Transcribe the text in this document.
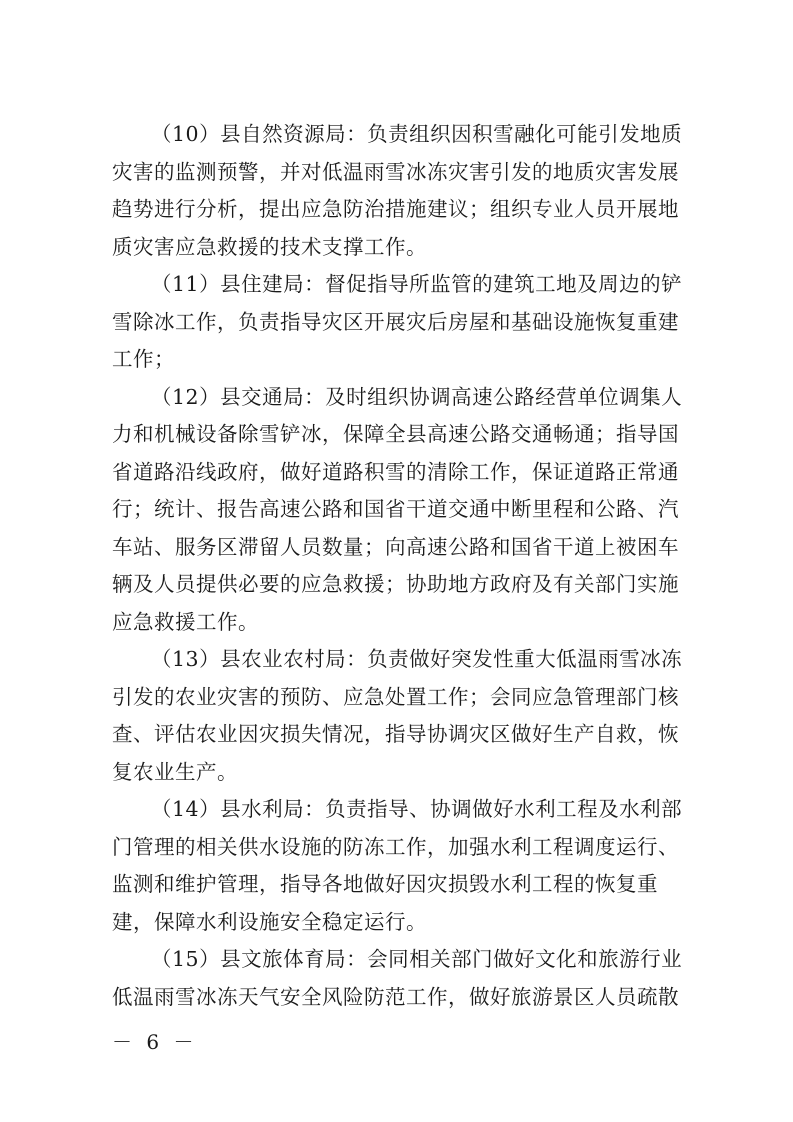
（10）县自然资源局：负责组织因积雪融化可能引发地质
灾害的监测预警，并对低温雨雪冰冻灾害引发的地质灾害发展
趋势进行分析，提出应急防治措施建议；组织专业人员开展地
质灾害应急救援的技术支撑工作。
（11）县住建局：督促指导所监管的建筑工地及周边的铲
雪除冰工作，负责指导灾区开展灾后房屋和基础设施恢复重建
工作；
（12）县交通局：及时组织协调高速公路经营单位调集人
力和机械设备除雪铲冰，保障全县高速公路交通畅通；指导国
省道路沿线政府，做好道路积雪的清除工作，保证道路正常通
行；统计、报告高速公路和国省干道交通中断里程和公路、汽
车站、服务区滞留人员数量；向高速公路和国省干道上被困车
辆及人员提供必要的应急救援；协助地方政府及有关部门实施
应急救援工作。
（13）县农业农村局：负责做好突发性重大低温雨雪冰冻
引发的农业灾害的预防、应急处置工作；会同应急管理部门核
查、评估农业因灾损失情况，指导协调灾区做好生产自救，恢
复农业生产。
（14）县水利局：负责指导、协调做好水利工程及水利部
门管理的相关供水设施的防冻工作，加强水利工程调度运行、
监测和维护管理，指导各地做好因灾损毁水利工程的恢复重
建，保障水利设施安全稳定运行。
（15）县文旅体育局：会同相关部门做好文化和旅游行业
低温雨雪冰冻天气安全风险防范工作，做好旅游景区人员疏散
－ 6 －
